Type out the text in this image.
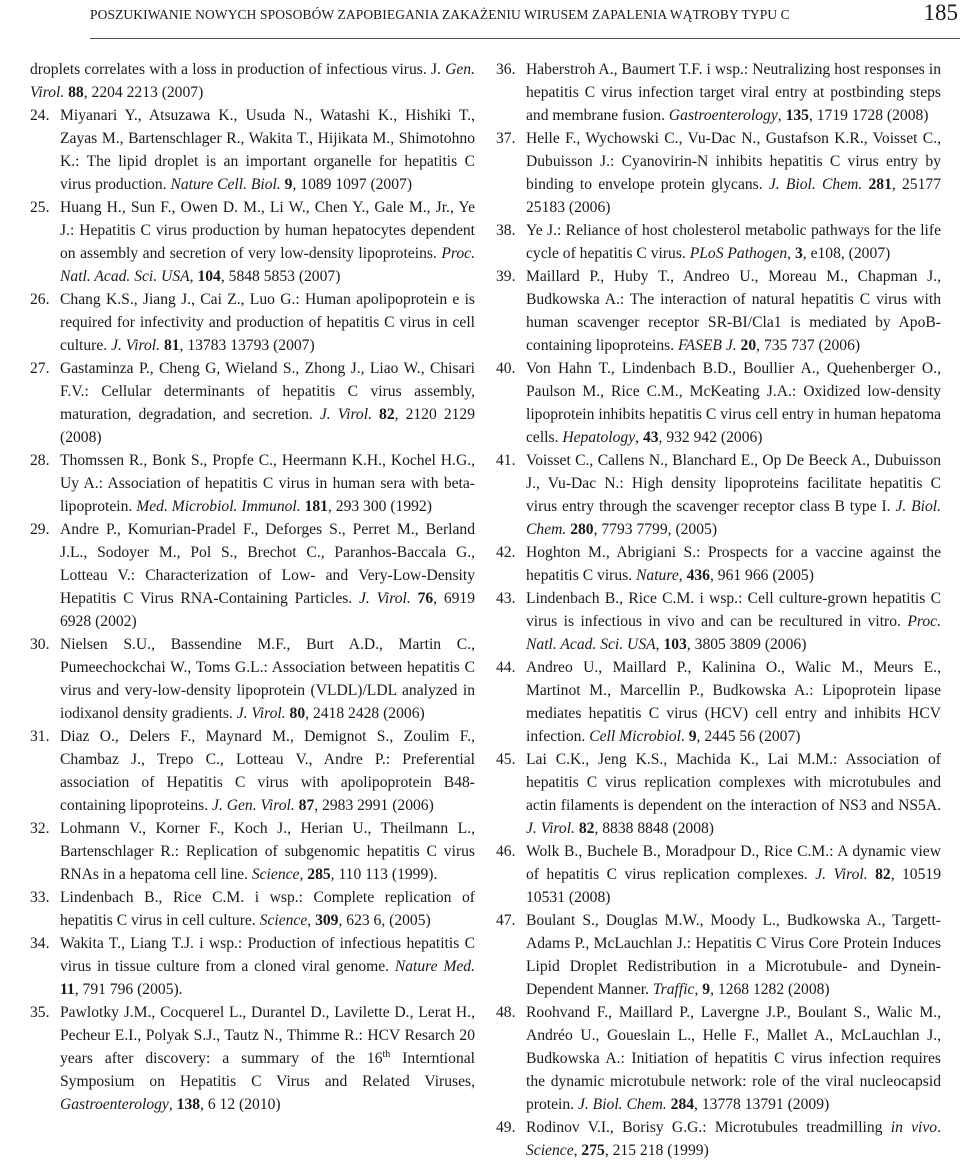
POSZUKIWANIE NOWYCH SPOSOBÓW ZAPOBIEGANIA ZAKAŻENIU WIRUSEM ZAPALENIA WĄTROBY TYPU C	185
droplets correlates with a loss in production of infectious virus. J. Gen. Virol. 88, 2204 2213 (2007)
24. Miyanari Y., Atsuzawa K., Usuda N., Watashi K., Hishiki T., Zayas M., Bartenschlager R., Wakita T., Hijikata M., Shimotohno K.: The lipid droplet is an important organelle for hepatitis C virus production. Nature Cell. Biol. 9, 1089 1097 (2007)
25. Huang H., Sun F., Owen D. M., Li W., Chen Y., Gale M., Jr., Ye J.: Hepatitis C virus production by human hepatocytes dependent on assembly and secretion of very low-density lipoproteins. Proc. Natl. Acad. Sci. USA, 104, 5848 5853 (2007)
26. Chang K.S., Jiang J., Cai Z., Luo G.: Human apolipoprotein e is required for infectivity and production of hepatitis C virus in cell culture. J. Virol. 81, 13783 13793 (2007)
27. Gastaminza P., Cheng G, Wieland S., Zhong J., Liao W., Chisari F.V.: Cellular determinants of hepatitis C virus assembly, maturation, degradation, and secretion. J. Virol. 82, 2120 2129 (2008)
28. Thomssen R., Bonk S., Propfe C., Heermann K.H., Kochel H.G., Uy A.: Association of hepatitis C virus in human sera with beta-lipoprotein. Med. Microbiol. Immunol. 181, 293 300 (1992)
29. Andre P., Komurian-Pradel F., Deforges S., Perret M., Berland J.L., Sodoyer M., Pol S., Brechot C., Paranhos-Baccala G., Lotteau V.: Characterization of Low- and Very-Low-Density Hepatitis C Virus RNA-Containing Particles. J. Virol. 76, 6919 6928 (2002)
30. Nielsen S.U., Bassendine M.F., Burt A.D., Martin C., Pumeechockchai W., Toms G.L.: Association between hepatitis C virus and very-low-density lipoprotein (VLDL)/LDL analyzed in iodixanol density gradients. J. Virol. 80, 2418 2428 (2006)
31. Diaz O., Delers F., Maynard M., Demignot S., Zoulim F., Chambaz J., Trepo C., Lotteau V., Andre P.: Preferential association of Hepatitis C virus with apolipoprotein B48-containing lipoproteins. J. Gen. Virol. 87, 2983 2991 (2006)
32. Lohmann V., Korner F., Koch J., Herian U., Theilmann L., Bartenschlager R.: Replication of subgenomic hepatitis C virus RNAs in a hepatoma cell line. Science, 285, 110 113 (1999).
33. Lindenbach B., Rice C.M. i wsp.: Complete replication of hepatitis C virus in cell culture. Science, 309, 623 6, (2005)
34. Wakita T., Liang T.J. i wsp.: Production of infectious hepatitis C virus in tissue culture from a cloned viral genome. Nature Med. 11, 791 796 (2005).
35. Pawlotky J.M., Cocquerel L., Durantel D., Lavilette D., Lerat H., Pecheur E.I., Polyak S.J., Tautz N., Thimme R.: HCV Resarch 20 years after discovery: a summary of the 16th Interntional Symposium on Hepatitis C Virus and Related Viruses, Gastroenterology, 138, 6 12 (2010)
36. Haberstroh A., Baumert T.F. i wsp.: Neutralizing host responses in hepatitis C virus infection target viral entry at postbinding steps and membrane fusion. Gastroenterology, 135, 1719 1728 (2008)
37. Helle F., Wychowski C., Vu-Dac N., Gustafson K.R., Voisset C., Dubuisson J.: Cyanovirin-N inhibits hepatitis C virus entry by binding to envelope protein glycans. J. Biol. Chem. 281, 25177 25183 (2006)
38. Ye J.: Reliance of host cholesterol metabolic pathways for the life cycle of hepatitis C virus. PLoS Pathogen, 3, e108, (2007)
39. Maillard P., Huby T., Andreo U., Moreau M., Chapman J., Budkowska A.: The interaction of natural hepatitis C virus with human scavenger receptor SR-BI/Cla1 is mediated by ApoB-containing lipoproteins. FASEB J. 20, 735 737 (2006)
40. Von Hahn T., Lindenbach B.D., Boullier A., Quehenberger O., Paulson M., Rice C.M., McKeating J.A.: Oxidized low-density lipoprotein inhibits hepatitis C virus cell entry in human hepatoma cells. Hepatology, 43, 932 942 (2006)
41. Voisset C., Callens N., Blanchard E., Op De Beeck A., Dubuisson J., Vu-Dac N.: High density lipoproteins facilitate hepatitis C virus entry through the scavenger receptor class B type I. J. Biol. Chem. 280, 7793 7799, (2005)
42. Hoghton M., Abrigiani S.: Prospects for a vaccine against the hepatitis C virus. Nature, 436, 961 966 (2005)
43. Lindenbach B., Rice C.M. i wsp.: Cell culture-grown hepatitis C virus is infectious in vivo and can be recultured in vitro. Proc. Natl. Acad. Sci. USA, 103, 3805 3809 (2006)
44. Andreo U., Maillard P., Kalinina O., Walic M., Meurs E., Martinot M., Marcellin P., Budkowska A.: Lipoprotein lipase mediates hepatitis C virus (HCV) cell entry and inhibits HCV infection. Cell Microbiol. 9, 2445 56 (2007)
45. Lai C.K., Jeng K.S., Machida K., Lai M.M.: Association of hepatitis C virus replication complexes with microtubules and actin filaments is dependent on the interaction of NS3 and NS5A. J. Virol. 82, 8838 8848 (2008)
46. Wolk B., Buchele B., Moradpour D., Rice C.M.: A dynamic view of hepatitis C virus replication complexes. J. Virol. 82, 10519 10531 (2008)
47. Boulant S., Douglas M.W., Moody L., Budkowska A., Targett-Adams P., McLauchlan J.: Hepatitis C Virus Core Protein Induces Lipid Droplet Redistribution in a Microtubule- and Dynein-Dependent Manner. Traffic, 9, 1268 1282 (2008)
48. Roohvand F., Maillard P., Lavergne J.P., Boulant S., Walic M., Andréo U., Goueslain L., Helle F., Mallet A., McLauchlan J., Budkowska A.: Initiation of hepatitis C virus infection requires the dynamic microtubule network: role of the viral nucleocapsid protein. J. Biol. Chem. 284, 13778 13791 (2009)
49. Rodinov V.I., Borisy G.G.: Microtubules treadmilling in vivo. Science, 275, 215 218 (1999)
